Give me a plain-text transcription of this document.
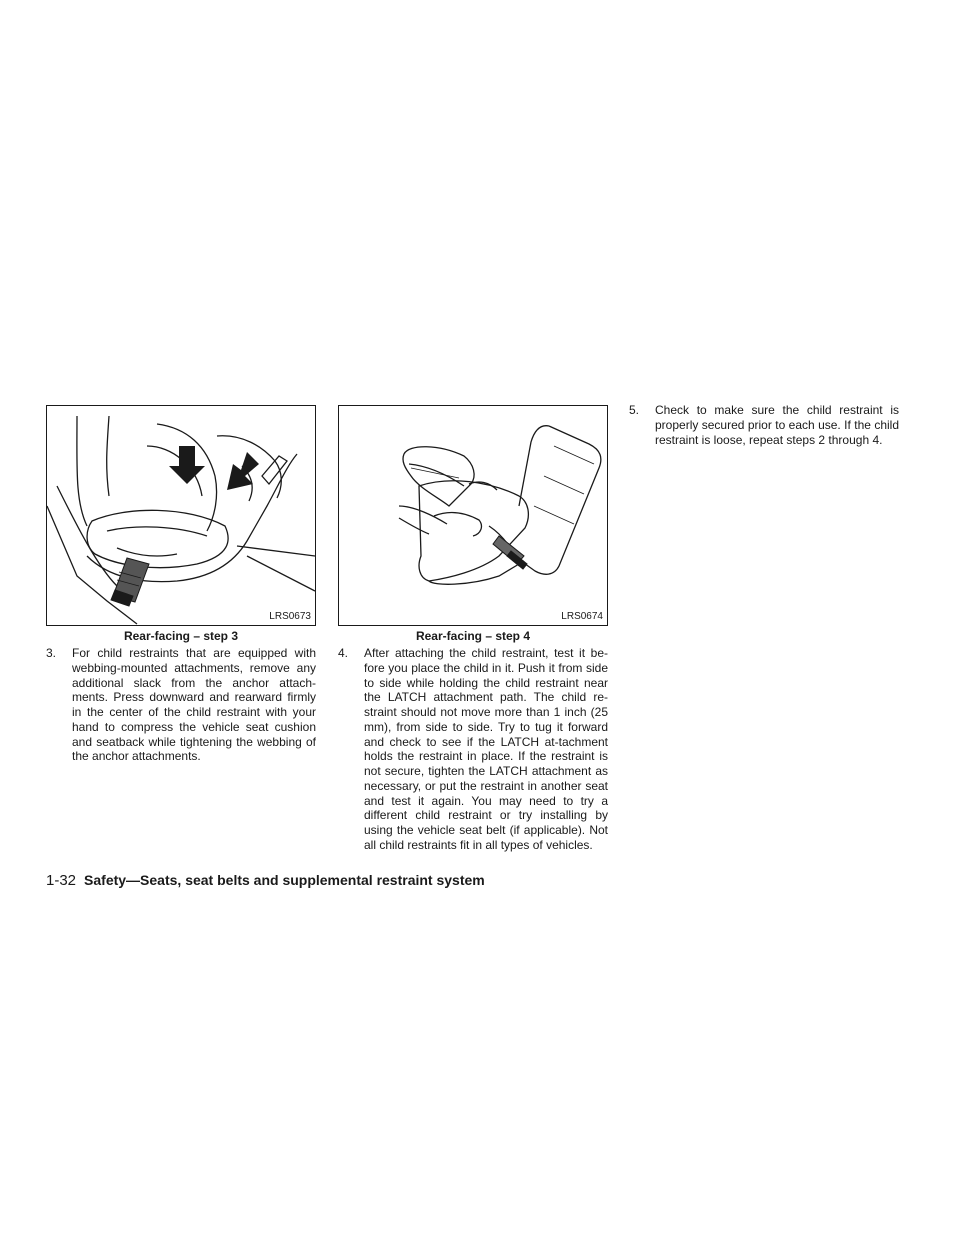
LRS0673
Rear-facing – step 3
LRS0674
Rear-facing – step 4
3. For child restraints that are equipped with webbing-mounted attachments, remove any additional slack from the anchor attach-ments. Press downward and rearward firmly in the center of the child restraint with your hand to compress the vehicle seat cushion and seatback while tightening the webbing of the anchor attachments.
4. After attaching the child restraint, test it be-fore you place the child in it. Push it from side to side while holding the child restraint near the LATCH attachment path. The child re-straint should not move more than 1 inch (25 mm), from side to side. Try to tug it forward and check to see if the LATCH at-tachment holds the restraint in place. If the restraint is not secure, tighten the LATCH attachment as necessary, or put the restraint in another seat and test it again. You may need to try a different child restraint or try installing by using the vehicle seat belt (if applicable). Not all child restraints fit in all types of vehicles.
5. Check to make sure the child restraint is properly secured prior to each use. If the child restraint is loose, repeat steps 2 through 4.
1-32 Safety—Seats, seat belts and supplemental restraint system
